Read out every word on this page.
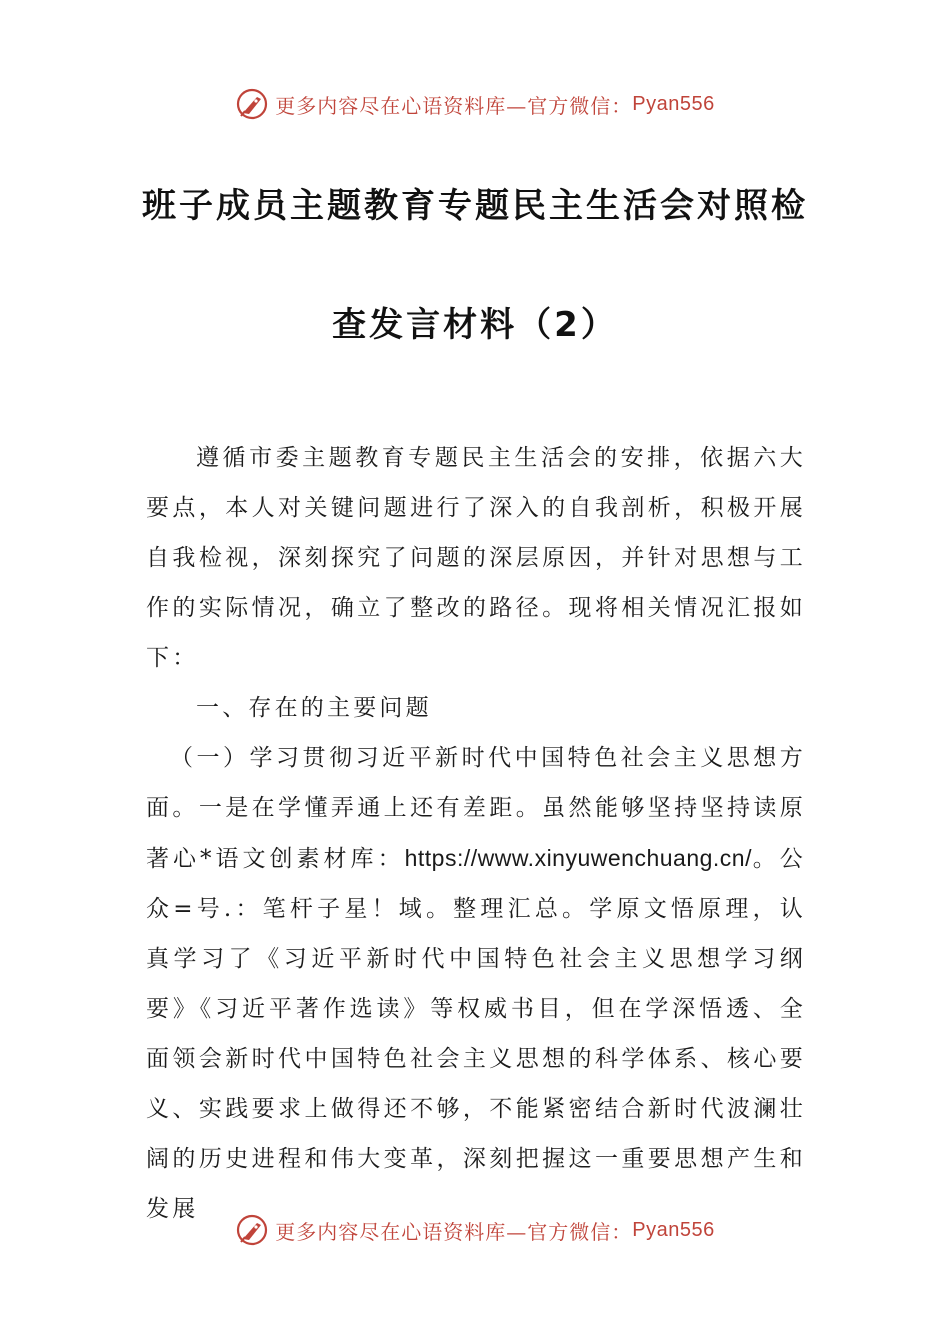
更多内容尽在心语资料库—官方微信： Pyan556
班子成员主题教育专题民主生活会对照检
查发言材料（2）

遵循市委主题教育专题民主生活会的安排，依据六大要点，本人对关键问题进行了深入的自我剖析，积极开展自我检视，深刻探究了问题的深层原因，并针对思想与工作的实际情况，确立了整改的路径。现将相关情况汇报如下：

一、存在的主要问题

（一）学习贯彻习近平新时代中国特色社会主义思想方面。一是在学懂弄通上还有差距。虽然能够坚持坚持读原著心*语文创素材库：https://www.xinyuwenchuang.cn/。公众=号.：笔杆子星！域。整理汇总。学原文悟原理，认真学习了《习近平新时代中国特色社会主义思想学习纲要》《习近平著作选读》等权威书目，但在学深悟透、全面领会新时代中国特色社会主义思想的科学体系、核心要义、实践要求上做得还不够，不能紧密结合新时代波澜壮阔的历史进程和伟大变革，深刻把握这一重要思想产生和发展

更多内容尽在心语资料库—官方微信： Pyan556
